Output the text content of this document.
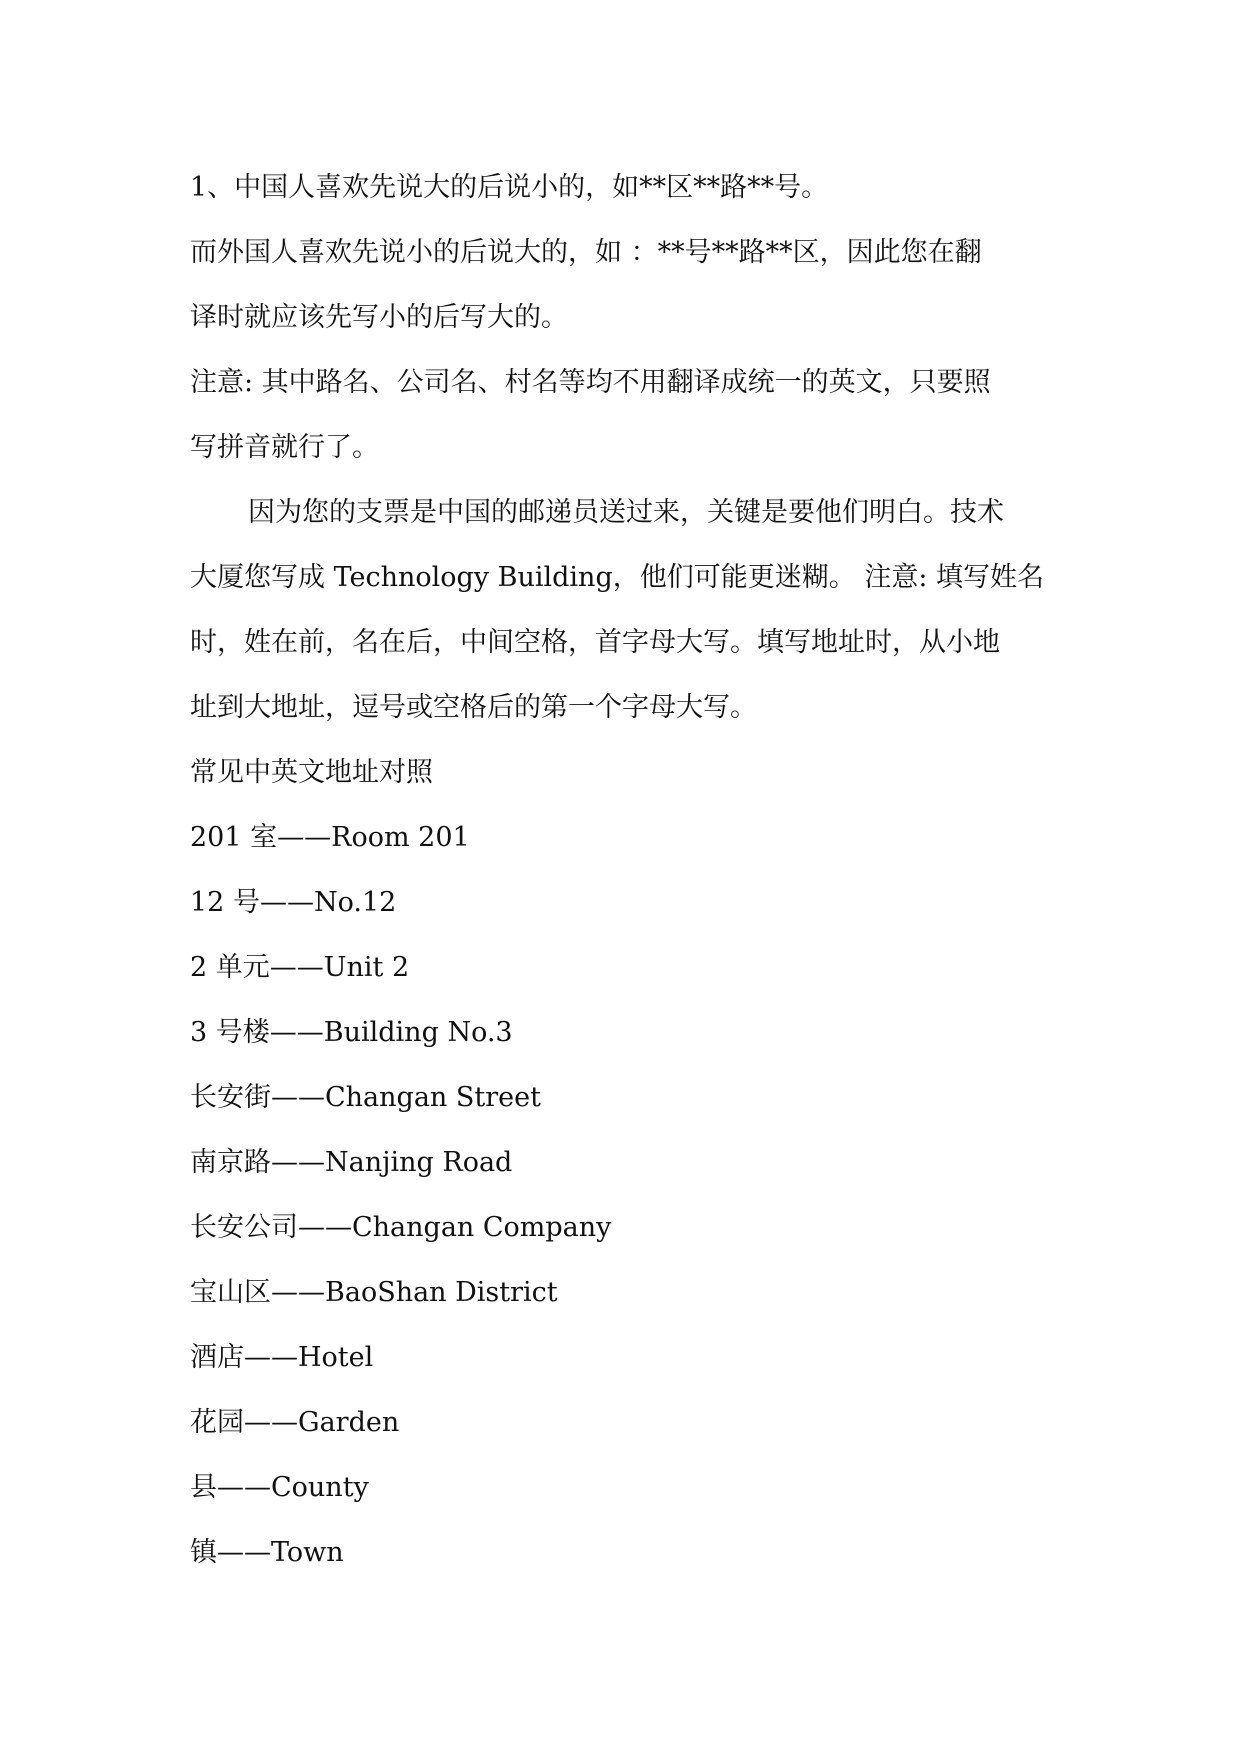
1、中国人喜欢先说大的后说小的，如**区**路**号。

而外国人喜欢先说小的后说大的，如 ：**号**路**区，因此您在翻

译时就应该先写小的后写大的。

注意: 其中路名、公司名、村名等均不用翻译成统一的英文，只要照

写拼音就行了。

因为您的支票是中国的邮递员送过来，关键是要他们明白。技术

大厦您写成 Technology Building，他们可能更迷糊。 注意: 填写姓名

时，姓在前，名在后，中间空格，首字母大写。填写地址时，从小地

址到大地址，逗号或空格后的第一个字母大写。

常见中英文地址对照

201 室——Room 201

12 号——No.12

2 单元——Unit 2

3 号楼——Building No.3

长安街——Changan Street

南京路——Nanjing Road

长安公司——Changan Company

宝山区——BaoShan District

酒店——Hotel

花园——Garden

县——County

镇——Town
